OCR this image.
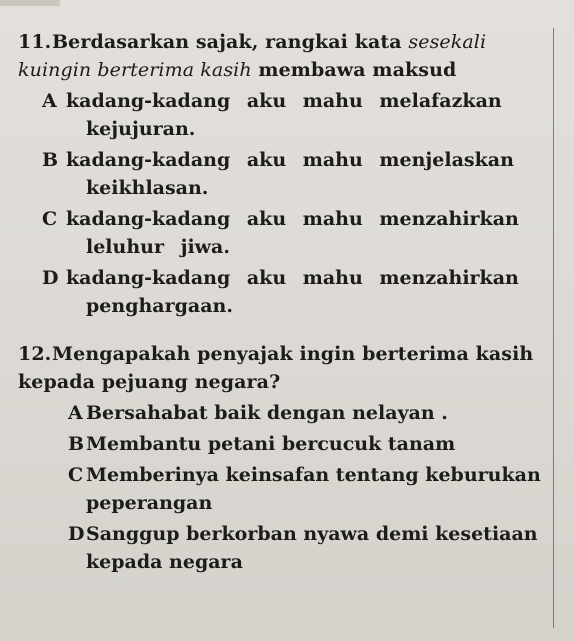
11.Berdasarkan sajak, rangkai kata sesekali kuingin berterima kasih membawa maksud
A kadang-kadang aku mahu melafazkan kejujuran.
B kadang-kadang aku mahu menjelaskan keikhlasan.
C kadang-kadang aku mahu menzahirkan leluhur jiwa.
D kadang-kadang aku mahu menzahirkan penghargaan.
12.Mengapakah penyajak ingin berterima kasih kepada pejuang negara?
A Bersahabat baik dengan nelayan .
B Membantu petani bercucuk tanam
C Memberinya keinsafan tentang keburukan peperangan
DSanggup berkorban nyawa demi kesetiaan kepada negara
